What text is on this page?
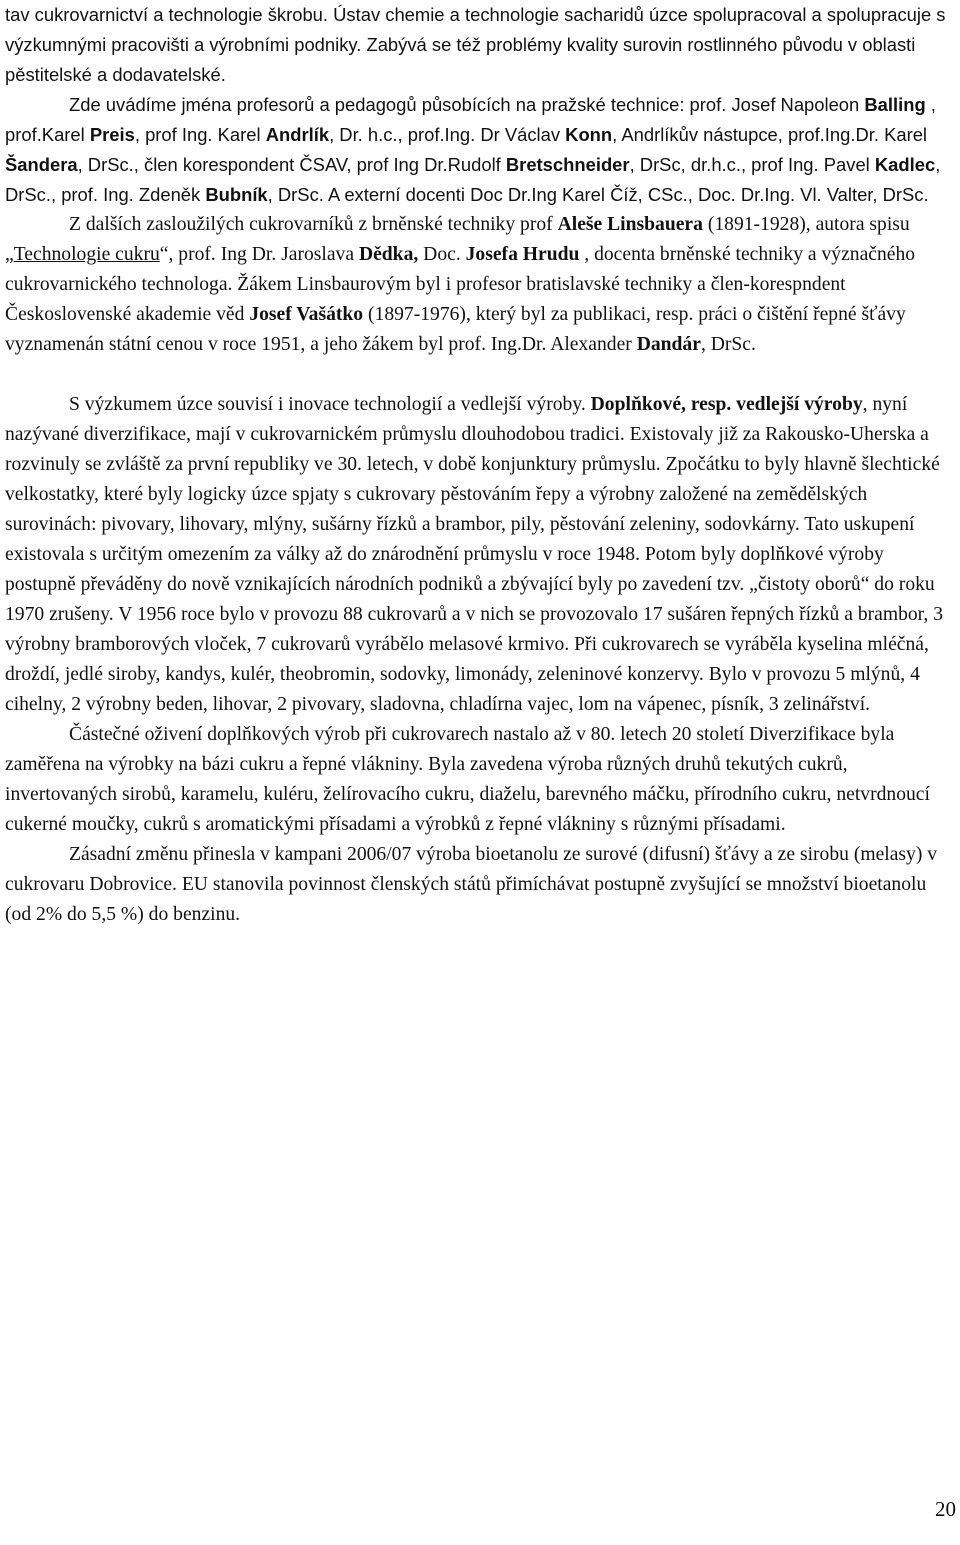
tav cukrovarnictví a technologie škrobu. Ústav chemie a technologie sacharidů úzce spolupracoval a spolupracuje s výzkumnými pracovišti a výrobními podniky. Zabývá se též problémy kvality surovin rostlinného původu v oblasti pěstitelské a dodavatelské.

Zde uvádíme jména profesorů a pedagogů působících na pražské technice: prof. Josef Napoleon Balling , prof.Karel Preis, prof Ing. Karel Andrlík, Dr. h.c., prof.Ing. Dr Václav Konn, Andrlíkův nástupce, prof.Ing.Dr. Karel Šandera, DrSc., člen korespondent ČSAV, prof Ing Dr.Rudolf Bretschneider, DrSc, dr.h.c., prof Ing. Pavel Kadlec, DrSc., prof. Ing. Zdeněk Bubník, DrSc. A externí docenti Doc Dr.Ing Karel Číž, CSc., Doc. Dr.Ing. Vl. Valter, DrSc.

Z dalších zasloužilých cukrovarníků z brněnské techniky prof Aleše Linsbauera (1891-1928), autora spisu „Technologie cukru“, prof. Ing Dr. Jaroslava Dědka, Doc. Josefa Hrudu , docenta brněnské techniky a význačného cukrovarnického technologa. Žákem Linsbaurovým byl i profesor bratislavské techniky a člen-korespndent Československé akademie věd Josef Vašátko (1897-1976), který byl za publikaci, resp. práci o čištění řepné šťávy vyznamenán státní cenou v roce 1951, a jeho žákem byl prof. Ing.Dr. Alexander Dandár, DrSc.

S výzkumem úzce souvisí i inovace technologií a vedlejší výroby. Doplňkové, resp. vedlejší výroby, nyní nazývané diverzifikace, mají v cukrovarnickém průmyslu dlouhodobou tradici. Existovaly již za Rakousko-Uherska a rozvinuly se zvláště za první republiky ve 30. letech, v době konjunktury průmyslu. Zpočátku to byly hlavně šlechtické velkostatky, které byly logicky úzce spjaty s cukrovary pěstováním řepy a výrobny založené na zemědělských surovinách: pivovary, lihovary, mlýny, sušárny řízků a brambor, pily, pěstování zeleniny, sodovkárny. Tato uskupení existovala s určitým omezením za války až do znárodnění průmyslu v roce 1948. Potom byly doplňkové výroby postupně převáděny do nově vznikajících národních podniků a zbývající byly po zavedení tzv. „čistoty oborů“ do roku 1970 zrušeny. V 1956 roce bylo v provozu 88 cukrovarů a v nich se provozovalo 17 sušáren řepných řízků a brambor, 3 výrobny bramborových vloček, 7 cukrovarů vyrábělo melasové krmivo. Při cukrovarech se vyráběla kyselina mléčná, droždí, jedlé siroby, kandys, kulér, theobromin, sodovky, limonády, zeleninové konzervy. Bylo v provozu 5 mlýnů, 4 cihelny, 2 výrobny beden, lihovar, 2 pivovary, sladovna, chladírna vajec, lom na vápenec, písník, 3 zelinářství.

Částečné oživení doplňkových výrob při cukrovarech nastalo až v 80. letech 20 století Diverzifikace byla zaměřena na výrobky na bázi cukru a řepné vlákniny. Byla zavedena výroba různých druhů tekutých cukrů, invertovaných sirobů, karamelu, kuléru, želírovacího cukru, diaželu, barevného máčku, přírodního cukru, netvrdnoucí cukerné moučky, cukrů s aromatickými přísadami a výrobků z řepné vlákniny s různými přísadami.

Zásadní změnu přinesla v kampani 2006/07 výroba bioetanolu ze surové (difusní) šťávy a ze sirobu (melasy) v cukrovaru Dobrovice. EU stanovila povinnost členských států přimíchávat postupně zvyšující se množství bioetanolu (od 2% do 5,5 %) do benzinu.

20
